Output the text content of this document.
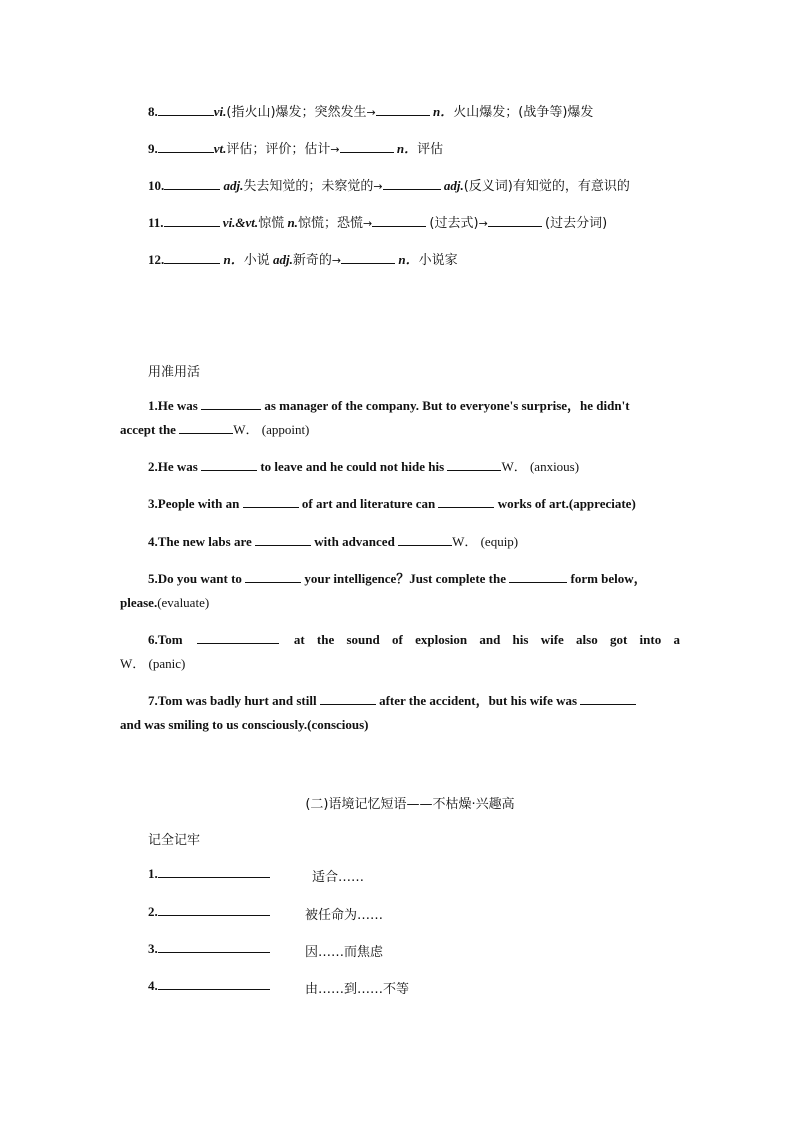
8.	vi.(指火山)爆发；突然发生→	n．火山爆发；(战争等)爆发
9.	vt.评估；评价；估计→	n．评估
10.	adj.失去知觉的；未察觉的→	adj.(反义词)有知觉的，有意识的
11.	vi.&vt.惊慌 n.惊慌；恐慌→	(过去式)→	(过去分词)
12.	n．小说 adj.新奇的→	n．小说家
用准用活
1.He was	as manager of the company. But to everyone's surprise，he didn't
accept the	W． (appoint)
2.He was	to leave and he could not hide his	W． (anxious)
3.People with an	of art and literature can	works of art.(appreciate)
4.The new labs are	with advanced	W． (equip)
5.Do you want to	your intelligence？Just complete the	form below，
please.(evaluate)
6.Tom	at the sound of explosion and his wife also got into a
W． (panic)
7.Tom was badly hurt and still	after the accident，but his wife was
and was smiling to us consciously.(conscious)
(二)语境记忆短语——不枯燥·兴趣高
记全记牢
1.	适合……
2.	被任命为……
3.	因……而焦虑
4.	由……到……不等
